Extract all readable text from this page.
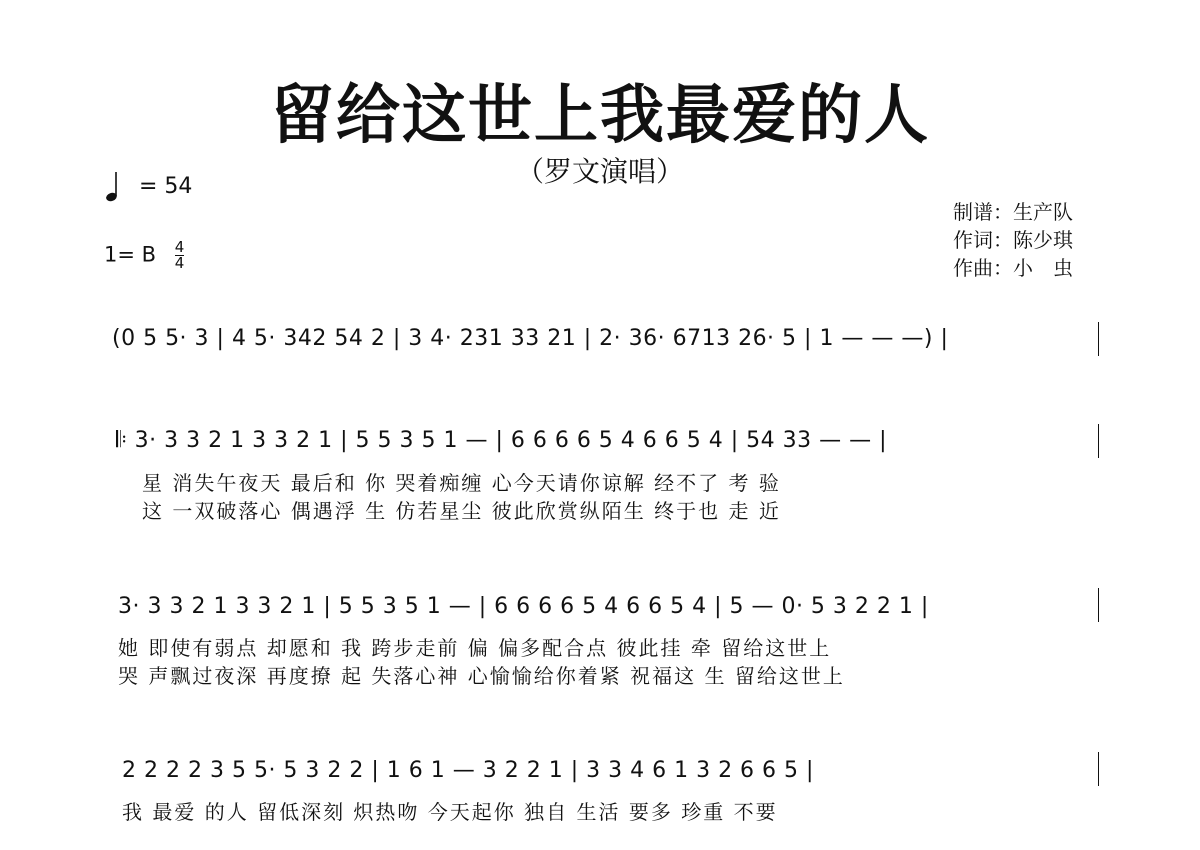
留给这世上我最爱的人
（罗文演唱）
= 54
1= B $\frac{4}{4}$
制谱：生产队
作词：陈少琪
作曲：小　虫
(0 5 5· 3 | 4 5· 342 54 2 | 3 4· 231 33 21 | 2· 36· 6713 26· 5 | 1 — — —) |
𝄆 3· 3 3 2 1 3 3 2 1 | 5 5 3 5 1 — | 6 6 6 6 5 4 6 6 5 4 | 54 33 — — |
星 消失午夜天 最后和 你 哭着痴缠 心今天请你谅解 经不了 考 验
这 一双破落心 偶遇浮 生 仿若星尘 彼此欣赏纵陌生 终于也 走 近
3· 3 3 2 1 3 3 2 1 | 5 5 3 5 1 — | 6 6 6 6 5 4 6 6 5 4 | 5 — 0· 5 3 2 2 1 |
她 即使有弱点 却愿和 我 跨步走前 偏 偏多配合点 彼此挂 牵 留给这世上
哭 声飘过夜深 再度撩 起 失落心神 心愉愉给你着紧 祝福这 生 留给这世上
2 2 2 2 3 5 5· 5 3 2 2 | 1 6 1 — 3 2 2 1 | 3 3 4 6 1 3 2 6 6 5 |
我 最爱 的人 留低深刻 炽热吻 今天起你 独自 生活 要多 珍重 不要
